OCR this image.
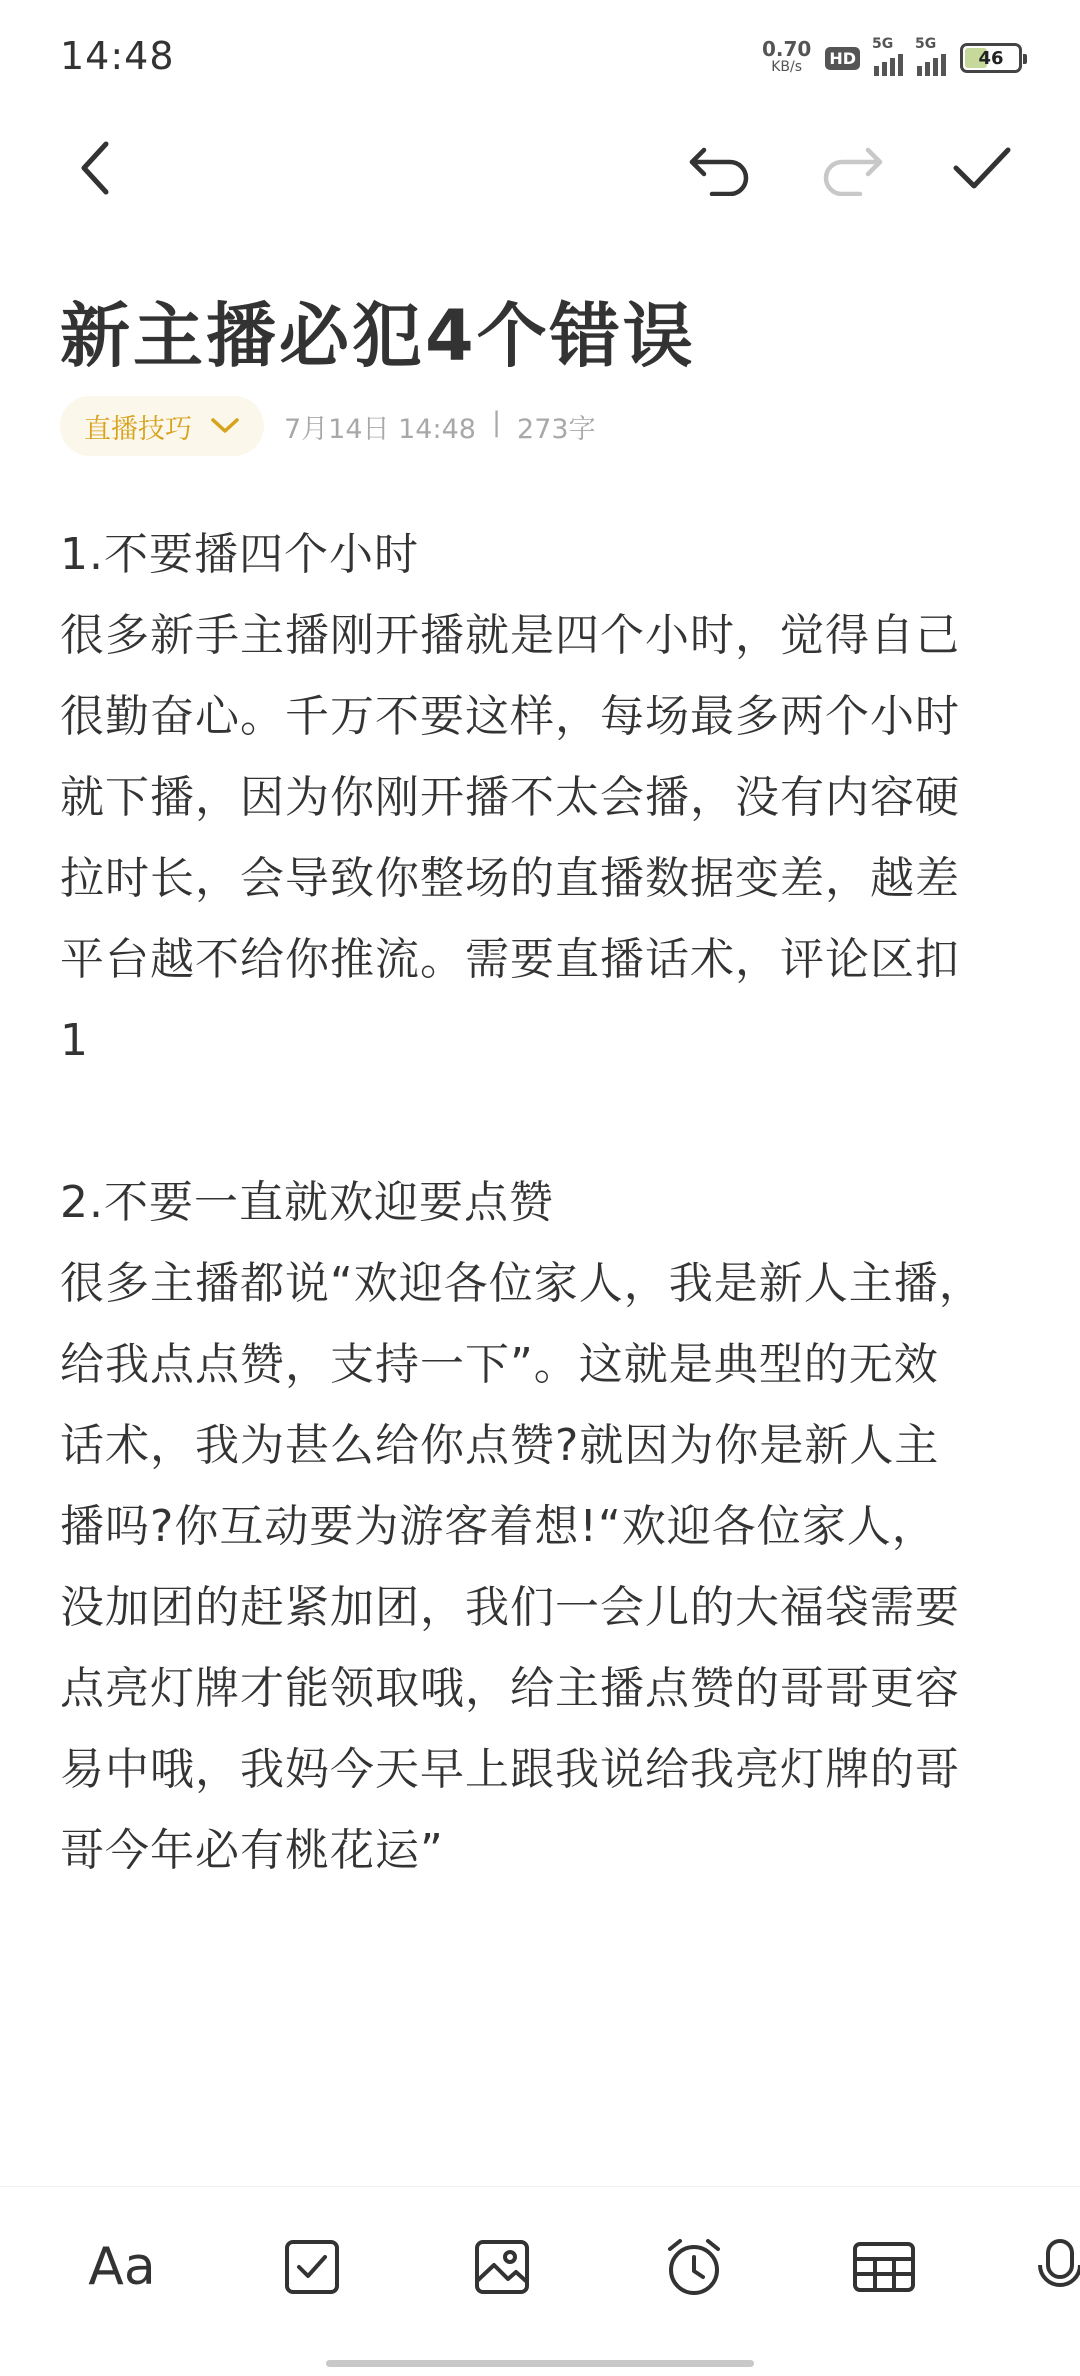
14:48	0.70
KB/s HD
5G 5G
46
新主播必犯4个错误
直播技巧	7月14日 14:48 | 273字

1.不要播四个小时

很多新手主播刚开播就是四个小时，觉得自己

很勤奋心。千万不要这样，每场最多两个小时

就下播，因为你刚开播不太会播，没有内容硬

拉时长，会导致你整场的直播数据变差，越差

平台越不给你推流。需要直播话术，评论区扣

1

2.不要一直就欢迎要点赞

很多主播都说“欢迎各位家人，我是新人主播，

给我点点赞，支持一下”。这就是典型的无效

话术，我为甚么给你点赞?就因为你是新人主

播吗?你互动要为游客着想!“欢迎各位家人，

没加团的赶紧加团，我们一会儿的大福袋需要

点亮灯牌才能领取哦，给主播点赞的哥哥更容

易中哦，我妈今天早上跟我说给我亮灯牌的哥

哥今年必有桃花运”

Aa
